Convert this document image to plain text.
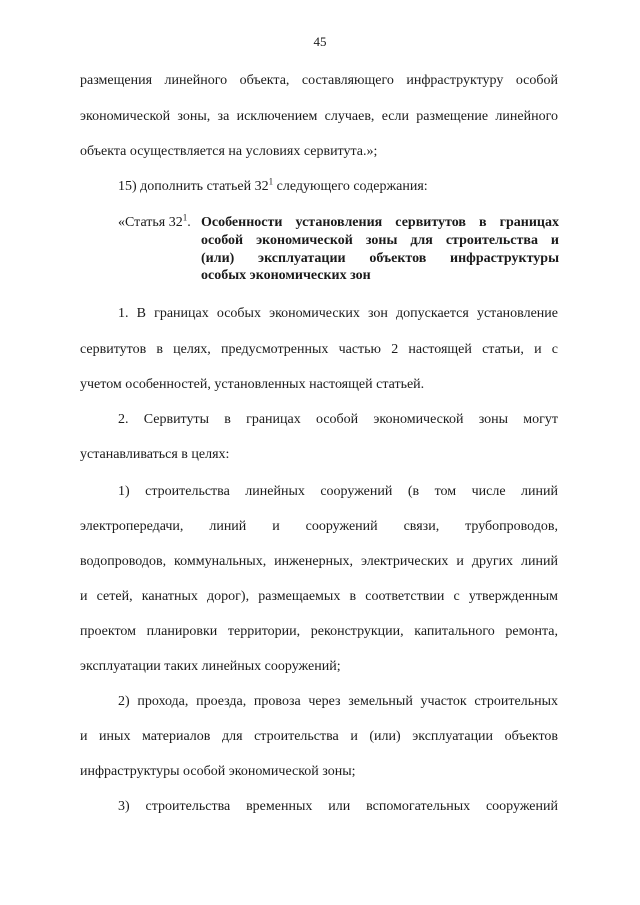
45
размещения линейного объекта, составляющего инфраструктуру особой
экономической зоны, за исключением случаев, если размещение линейного
объекта осуществляется на условиях сервитута.»;
15) дополнить статьей $32^1$ следующего содержания:
«Статья $32^1$. Особенности установления сервитутов в границах
особой экономической зоны для строительства и
(или) эксплуатации объектов инфраструктуры
особых экономических зон
1. В границах особых экономических зон допускается установление
сервитутов в целях, предусмотренных частью 2 настоящей статьи, и с
учетом особенностей, установленных настоящей статьей.
2. Сервитуты в границах особой экономической зоны могут
устанавливаться в целях:
1) строительства линейных сооружений (в том числе линий
электропередачи, линий и сооружений связи, трубопроводов,
водопроводов, коммунальных, инженерных, электрических и других линий
и сетей, канатных дорог), размещаемых в соответствии с утвержденным
проектом планировки территории, реконструкции, капитального ремонта,
эксплуатации таких линейных сооружений;
2) прохода, проезда, провоза через земельный участок строительных
и иных материалов для строительства и (или) эксплуатации объектов
инфраструктуры особой экономической зоны;
3) строительства временных или вспомогательных сооружений
